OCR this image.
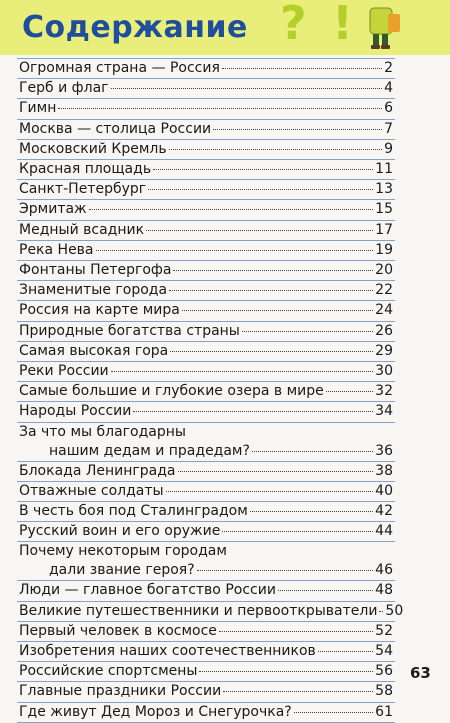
Содержание ? !
Огромная страна — Россия	2
Герб и флаг	4
Гимн	6
Москва — столица России	7
Московский Кремль	9
Красная площадь	11
Санкт-Петербург	13
Эрмитаж	15
Медный всадник	17
Река Нева	19
Фонтаны Петергофа	20
Знаменитые города	22
Россия на карте мира	24
Природные богатства страны	26
Самая высокая гора	29
Реки России	30
Самые большие и глубокие озера в мире	32
Народы России	34
За что мы благодарны
нашим дедам и прадедам?	36
Блокада Ленинграда	38
Отважные солдаты	40
В честь боя под Сталинградом	42
Русский воин и его оружие	44
Почему некоторым городам
дали звание героя?	46
Люди — главное богатство России	48
Великие путешественники и первооткрыватели 50
Первый человек в космосе	52
Изобретения наших соотечественников	54
Российские спортсмены	56
Главные праздники России	58
Где живут Дед Мороз и Снегурочка?	61
63
